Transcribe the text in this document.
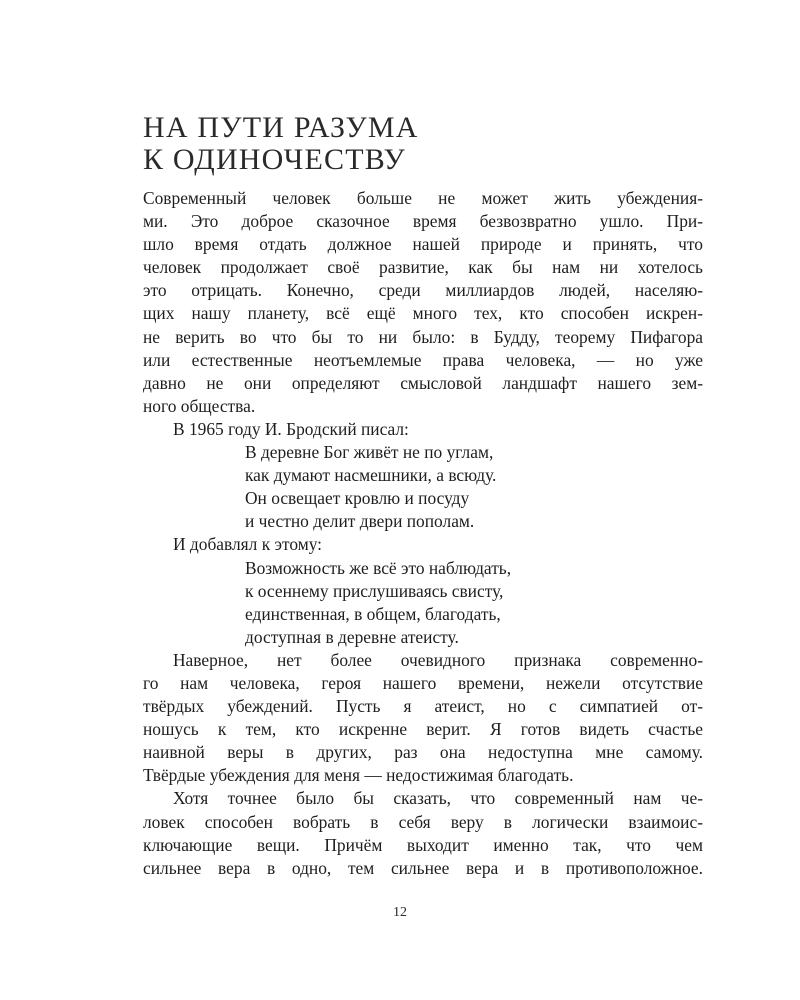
НА ПУТИ РАЗУМА
К ОДИНОЧЕСТВУ
Современный человек больше не может жить убеждения-
ми. Это доброе сказочное время безвозвратно ушло. При-
шло время отдать должное нашей природе и принять, что
человек продолжает своё развитие, как бы нам ни хотелось
это отрицать. Конечно, среди миллиардов людей, населяю-
щих нашу планету, всё ещё много тех, кто способен искрен-
не верить во что бы то ни было: в Будду, теорему Пифагора
или естественные неотъемлемые права человека, — но уже
давно не они определяют смысловой ландшафт нашего зем-
ного общества.
В 1965 году И. Бродский писал:
В деревне Бог живёт не по углам,
как думают насмешники, а всюду.
Он освещает кровлю и посуду
и честно делит двери пополам.
И добавлял к этому:
Возможность же всё это наблюдать,
к осеннему прислушиваясь свисту,
единственная, в общем, благодать,
доступная в деревне атеисту.
Наверное, нет более очевидного признака современно-
го нам человека, героя нашего времени, нежели отсутствие
твёрдых убеждений. Пусть я атеист, но с симпатией от-
ношусь к тем, кто искренне верит. Я готов видеть счастье
наивной веры в других, раз она недоступна мне самому.
Твёрдые убеждения для меня — недостижимая благодать.
Хотя точнее было бы сказать, что современный нам че-
ловек способен вобрать в себя веру в логически взаимоис-
ключающие вещи. Причём выходит именно так, что чем
сильнее вера в одно, тем сильнее вера и в противоположное.
12
